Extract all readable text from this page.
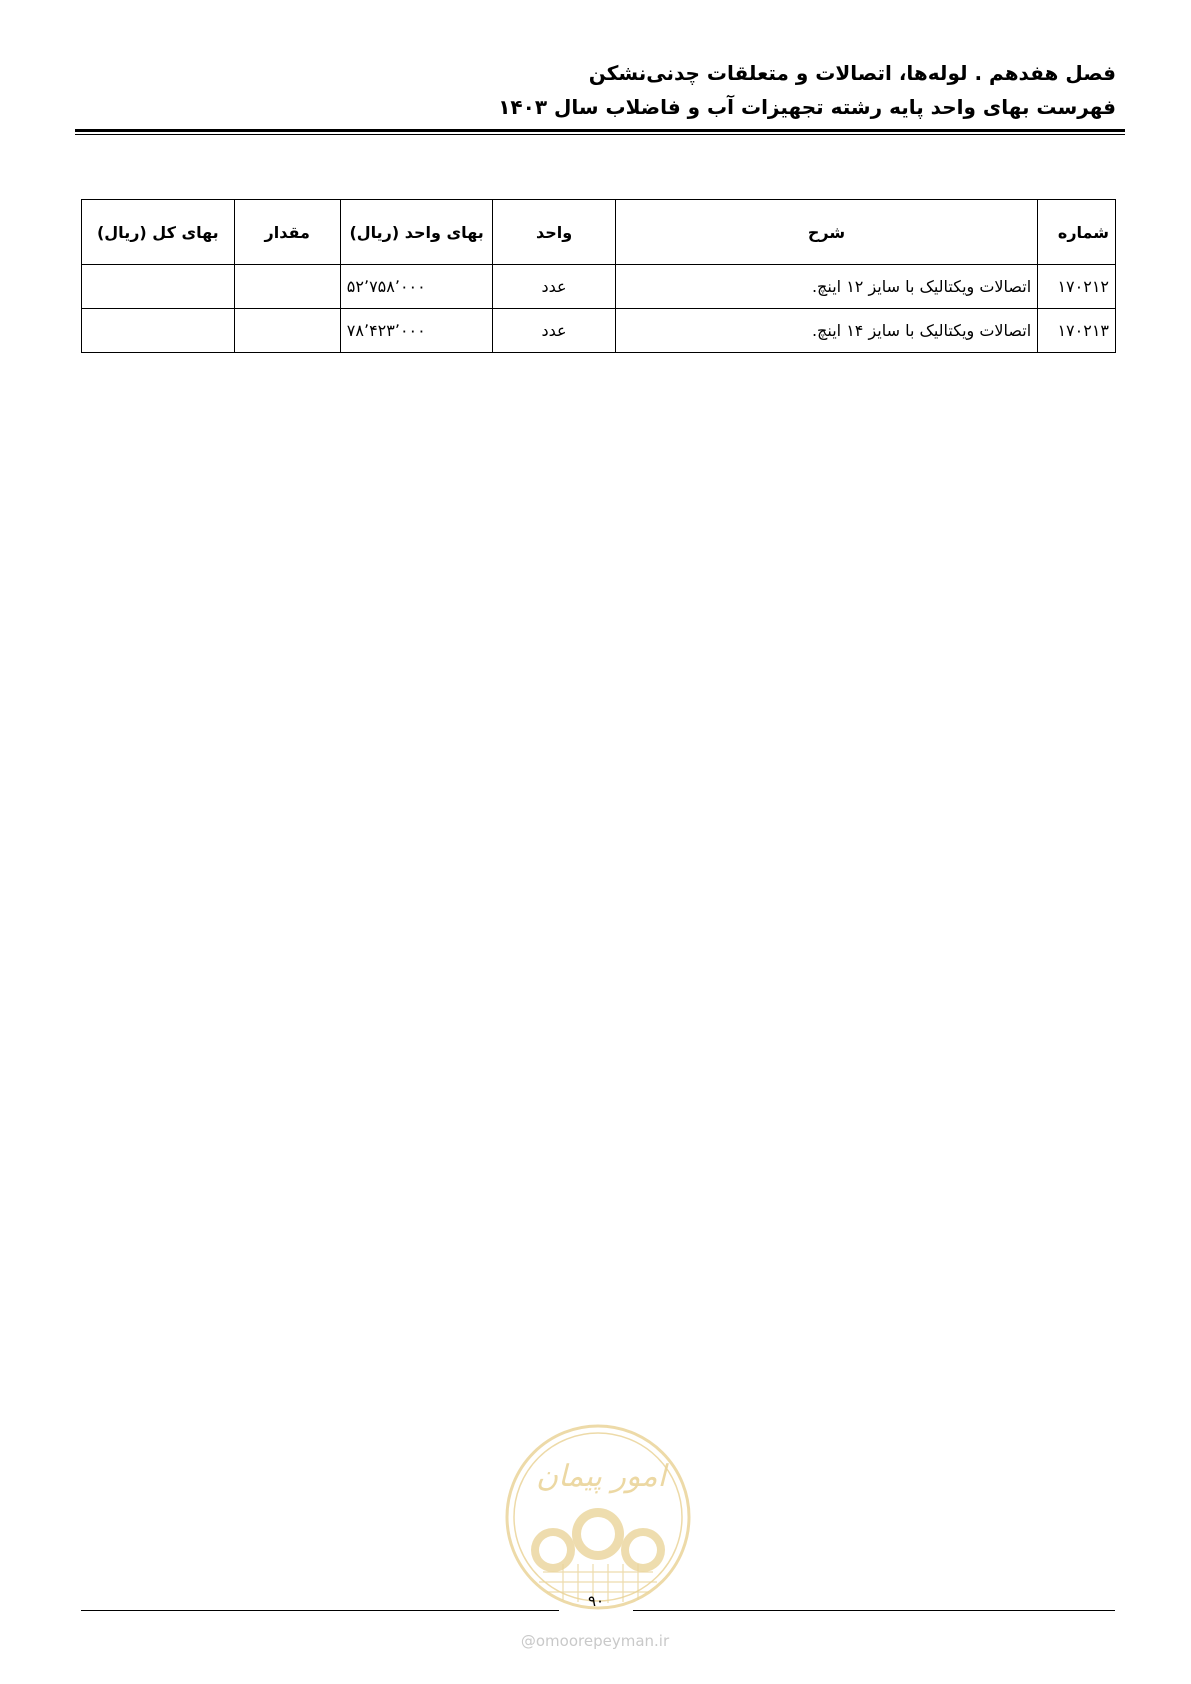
فصل هفدهم . لوله‌ها، اتصالات و متعلقات چدنی‌نشکن
فهرست بهای واحد پایه رشته تجهیزات آب و فاضلاب سال ۱۴۰۳
شماره	شرح	واحد	بهای واحد (ریال)	مقدار	بهای کل (ریال)
۱۷۰۲۱۲	اتصالات ویکتالیک با سایز ۱۲ اینچ.	عدد	۵۲٬۷۵۸٬۰۰۰		
۱۷۰۲۱۳	اتصالات ویکتالیک با سایز ۱۴ اینچ.	عدد	۷۸٬۴۲۳٬۰۰۰		
امور پیمان
۹۰
@omoorepeyman.ir
